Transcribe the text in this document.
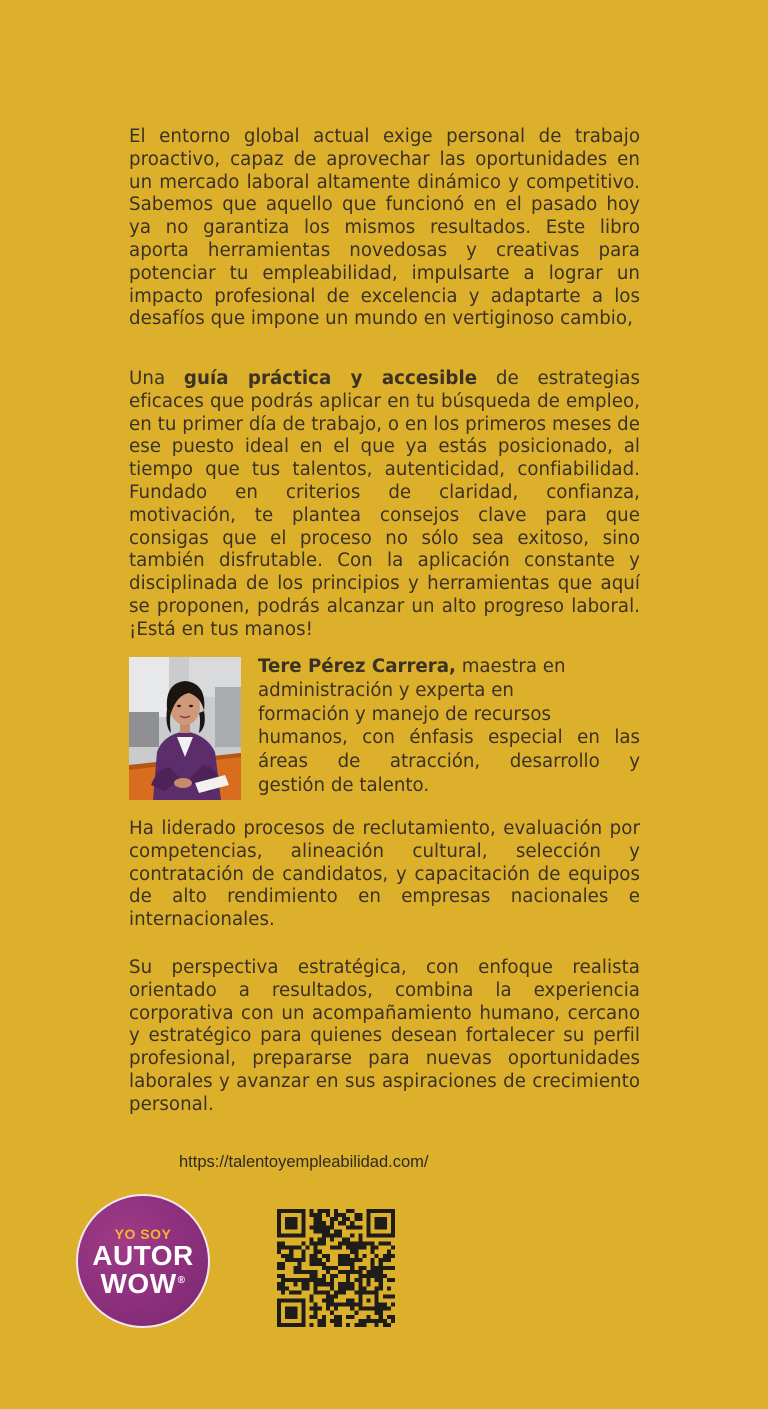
El entorno global actual exige personal de trabajo proactivo, capaz de aprovechar las oportunidades en un mercado laboral altamente dinámico y competitivo. Sabemos que aquello que funcionó en el pasado hoy ya no garantiza los mismos resultados. Este libro aporta herramientas novedosas y creativas para potenciar tu empleabilidad, impulsarte a lograr un impacto profesional de excelencia y adaptarte a los desafíos que impone un mundo en vertiginoso cambio,

Una guía práctica y accesible de estrategias eficaces que podrás aplicar en tu búsqueda de empleo, en tu primer día de trabajo, o en los primeros meses de ese puesto ideal en el que ya estás posicionado, al tiempo que tus talentos, autenticidad, confiabilidad. Fundado en criterios de claridad, confianza, motivación, te plantea consejos clave para que consigas que el proceso no sólo sea exitoso, sino también disfrutable. Con la aplicación constante y disciplinada de los principios y herramientas que aquí se proponen, podrás alcanzar un alto progreso laboral. ¡Está en tus manos!

Tere Pérez Carrera, maestra en
administración y experta en
formación y manejo de recursos
humanos, con énfasis especial en las
áreas de atracción, desarrollo y
gestión de talento.

Ha liderado procesos de reclutamiento, evaluación por competencias, alineación cultural, selección y contratación de candidatos, y capacitación de equipos de alto rendimiento en empresas nacionales e internacionales.

Su perspectiva estratégica, con enfoque realista orientado a resultados, combina la experiencia corporativa con un acompañamiento humano, cercano y estratégico para quienes desean fortalecer su perfil profesional, prepararse para nuevas oportunidades laborales y avanzar en sus aspiraciones de crecimiento personal.

https://talentoyempleabilidad.com/

YO SOY
AUTOR
WOW®
